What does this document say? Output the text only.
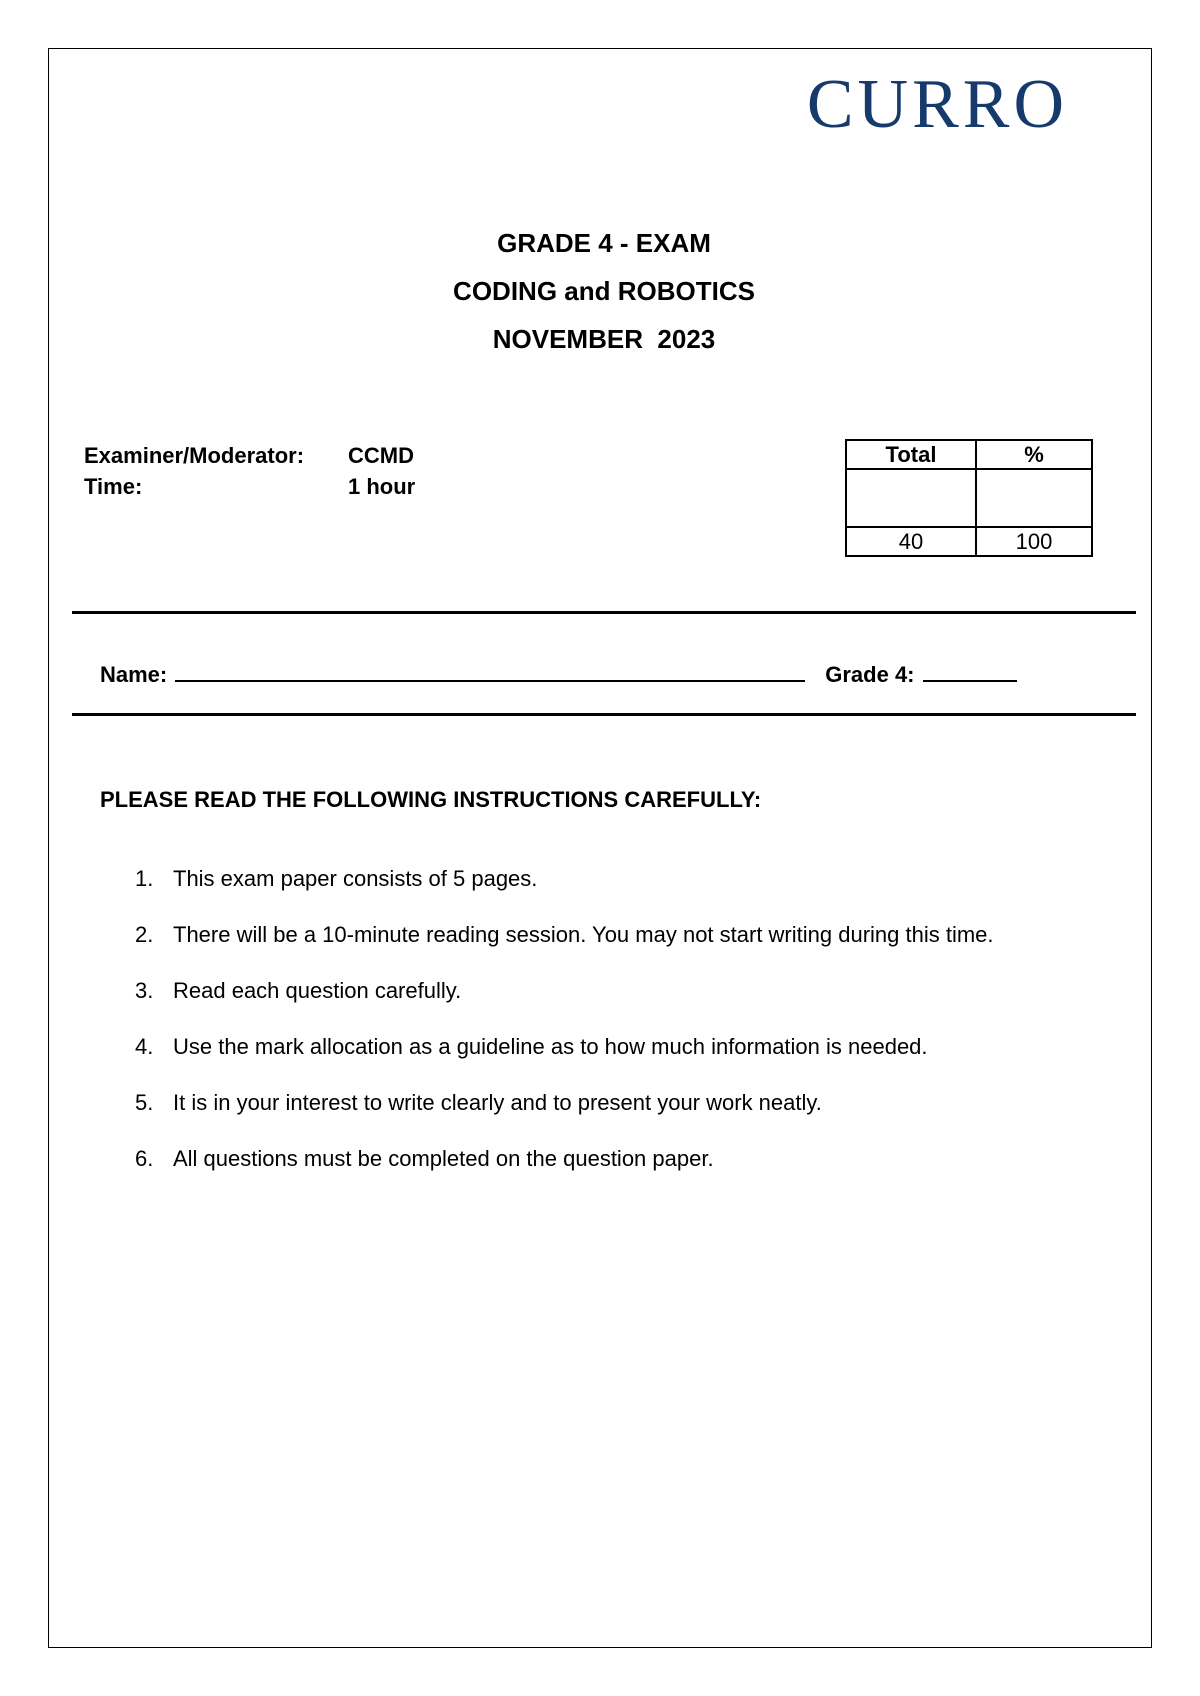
CURRO
GRADE 4 - EXAM
CODING and ROBOTICS
NOVEMBER  2023
Examiner/Moderator:	CCMD
Time:	1 hour
Total	%

40	100
Name:	Grade 4:
PLEASE READ THE FOLLOWING INSTRUCTIONS CAREFULLY:
1. This exam paper consists of 5 pages.
2. There will be a 10-minute reading session. You may not start writing during this time.
3. Read each question carefully.
4. Use the mark allocation as a guideline as to how much information is needed.
5. It is in your interest to write clearly and to present your work neatly.
6. All questions must be completed on the question paper.
